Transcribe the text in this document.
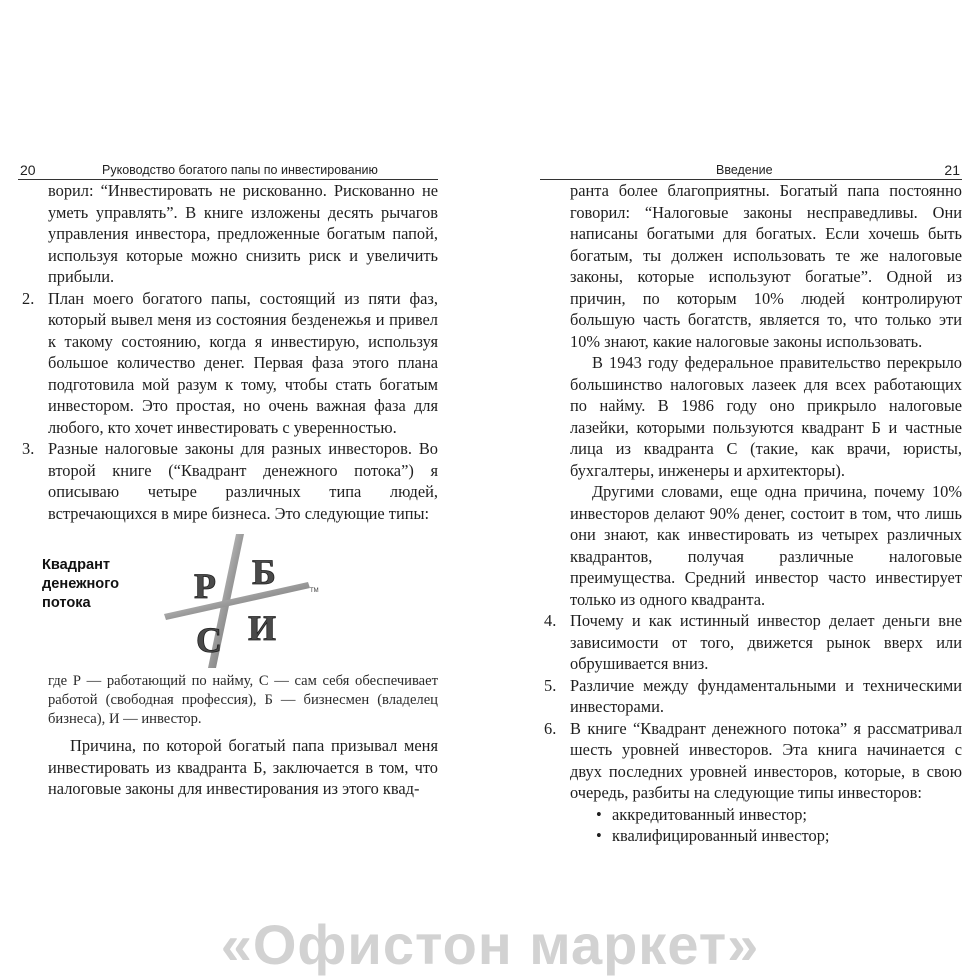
20	Руководство богатого папы по инвестированию

ворил: “Инвестировать не рискованно. Рискованно не уметь управлять”. В книге изложены десять рычагов управления инвестора, предложенные богатым папой, используя которые можно снизить риск и увеличить прибыли.

2. План моего богатого папы, состоящий из пяти фаз, который вывел меня из состояния безденежья и привел к такому состоянию, когда я инвестирую, используя большое количество денег. Первая фаза этого плана подготовила мой разум к тому, чтобы стать богатым инвестором. Это простая, но очень важная фаза для любого, кто хочет инвестировать с уверенностью.
3. Разные налоговые законы для разных инвесторов. Во второй книге (“Квадрант денежного потока”) я описываю четыре различных типа людей, встречающихся в мире бизнеса. Это следующие типы:
Квадрант денежного потока	Р Б
С И
TM

где Р — работающий по найму, С — сам себя обеспечивает работой (свободная профессия), Б — бизнесмен (владелец бизнеса), И — инвестор.

Причина, по которой богатый папа призывал меня инвестировать из квадранта Б, заключается в том, что налоговые законы для инвестирования из этого квад-

Введение	21

ранта более благоприятны. Богатый папа постоянно говорил: “Налоговые законы несправедливы. Они написаны богатыми для богатых. Если хочешь быть богатым, ты должен использовать те же налоговые законы, которые используют богатые”. Одной из причин, по которым 10% людей контролируют большую часть богатств, является то, что только эти 10% знают, какие налоговые законы использовать.

В 1943 году федеральное правительство перекрыло большинство налоговых лазеек для всех работающих по найму. В 1986 году оно прикрыло налоговые лазейки, которыми пользуются квадрант Б и частные лица из квадранта С (такие, как врачи, юристы, бухгалтеры, инженеры и архитекторы).

Другими словами, еще одна причина, почему 10% инвесторов делают 90% денег, состоит в том, что лишь они знают, как инвестировать из четырех различных квадрантов, получая различные налоговые преимущества. Средний инвестор часто инвестирует только из одного квадранта.

4. Почему и как истинный инвестор делает деньги вне зависимости от того, движется рынок вверх или обрушивается вниз.
5. Различие между фундаментальными и техническими инвесторами.
6. В книге “Квадрант денежного потока” я рассматривал шесть уровней инвесторов. Эта книга начинается с двух последних уровней инвесторов, которые, в свою очередь, разбиты на следующие типы инвесторов:
• аккредитованный инвестор;
• квалифицированный инвестор;
«Офистон маркет»
